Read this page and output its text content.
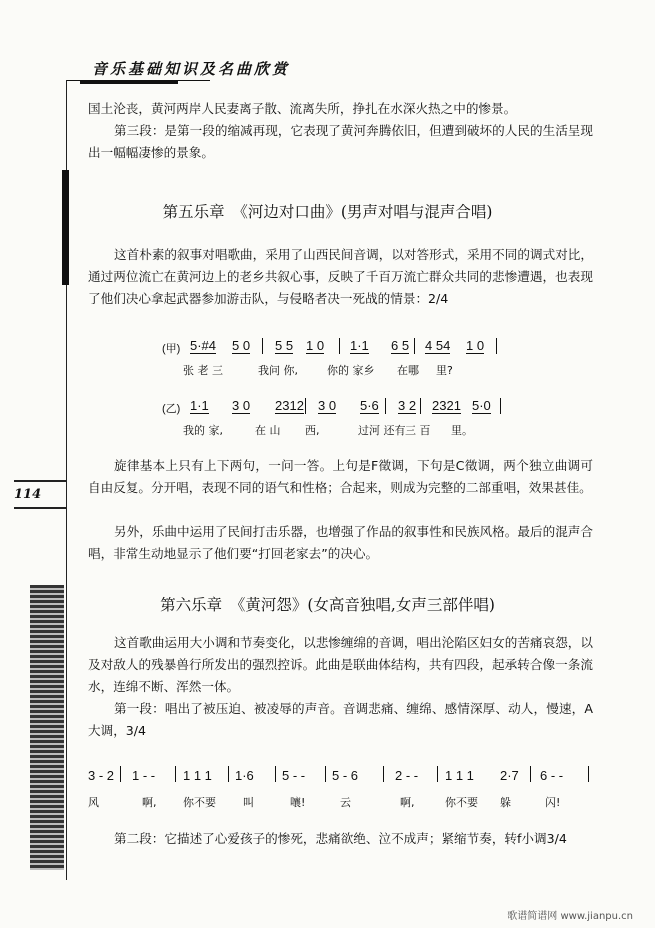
音乐基础知识及名曲欣赏
114
国土沦丧，黄河两岸人民妻离子散、流离失所，挣扎在水深火热之中的惨景。
第三段：是第一段的缩减再现，它表现了黄河奔腾依旧，但遭到破坏的人民的生活呈现出一幅幅凄惨的景象。
第五乐章　《河边对口曲》(男声对唱与混声合唱)
这首朴素的叙事对唱歌曲，采用了山西民间音调，以对答形式，采用不同的调式对比，通过两位流亡在黄河边上的老乡共叙心事，反映了千百万流亡群众共同的悲惨遭遇，也表现了他们决心拿起武器参加游击队，与侵略者决一死战的情景：2/4
(甲) 5·#4 5 0 5 5 1 0 1·1 6 5 4 54 1 0
张 老 三	我问 你,	你的 家乡 在哪 里?
(乙) 1·1 3 0 2312 3 0 5·6 3 2 2321 5·0
我的 家,	在 山 西,	过河 还有 三 百 里。
旋律基本上只有上下两句，一问一答。上句是F徵调，下句是C徵调，两个独立曲调可自由反复。分开唱，表现不同的语气和性格；合起来，则成为完整的二部重唱，效果甚佳。
另外，乐曲中运用了民间打击乐器，也增强了作品的叙事性和民族风格。最后的混声合唱，非常生动地显示了他们要“打回老家去”的决心。
第六乐章　《黄河怨》(女高音独唱,女声三部伴唱)
这首歌曲运用大小调和节奏变化，以悲惨缠绵的音调，唱出沦陷区妇女的苦痛哀怨，以及对敌人的残暴兽行所发出的强烈控诉。此曲是联曲体结构，共有四段，起承转合像一条流水，连绵不断、浑然一体。
第一段：唱出了被压迫、被凌辱的声音。音调悲痛、缠绵、感情深厚、动人，慢速，A大调，3/4
3 - 2 1 - - 1 1 1 1·6 5 - - 5 - 6	2 - - 1 1 1 2·7 6 - -
风	啊, 你不要 叫	嚷!	云	啊,	你不要 躲	闪!
第二段：它描述了心爱孩子的惨死，悲痛欲绝、泣不成声；紧缩节奏，转f小调3/4
歌谱简谱网 www.jianpu.cn
